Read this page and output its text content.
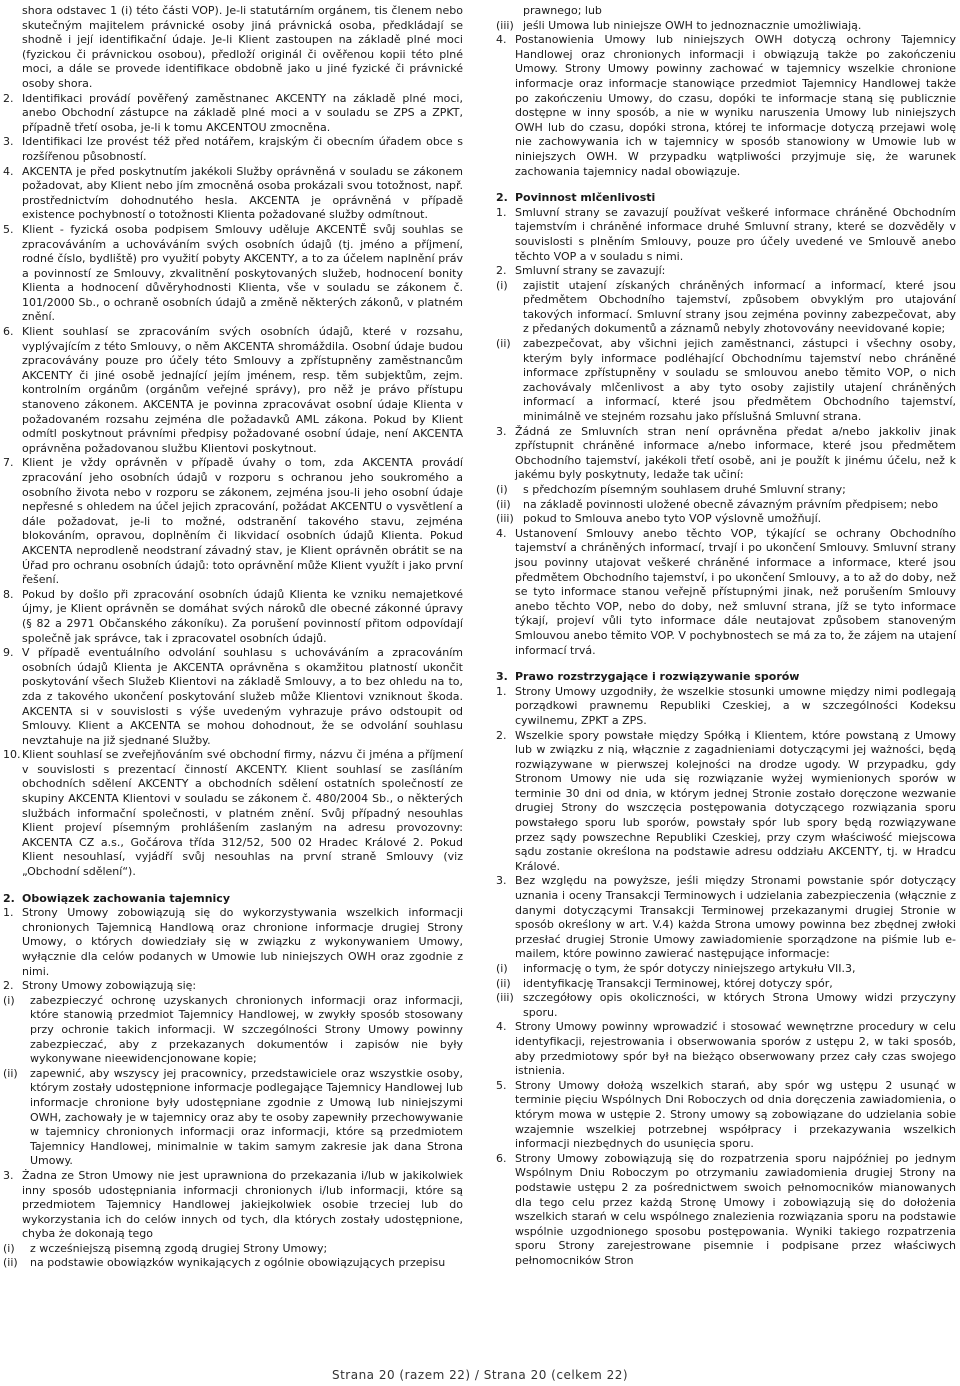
shora odstavec 1 (i) této části VOP). Je-li statutárním orgánem, tis členem nebo skutečným majitelem právnické osoby jiná právnická osoba, předkládají se shodně i její identifikační údaje. Je-li Klient zastoupen na základě plné moci (fyzickou či právnickou osobou), předloží originál či ověřenou kopii této plné moci, a dále se provede identifikace obdobně jako u jiné fyzické či právnické osoby shora.

2. Identifikaci provádí pověřený zaměstnanec AKCENTY na základě plné moci, anebo Obchodní zástupce na základě plné moci a v souladu se ZPS a ZPKT, případně třetí osoba, je-li k tomu AKCENTOU zmocněna.
3. Identifikaci lze provést též před notářem, krajským či obecním úřadem obce s rozšířenou působností.
4. AKCENTA je před poskytnutím jakékoli Služby oprávněná v souladu se zákonem požadovat, aby Klient nebo jím zmocněná osoba prokázali svou totožnost, např. prostřednictvím dohodnutého hesla. AKCENTA je oprávněná v případě existence pochybností o totožnosti Klienta požadované služby odmítnout.
5. Klient - fyzická osoba podpisem Smlouvy uděluje AKCENTĚ svůj souhlas se zpracováváním a uchováváním svých osobních údajů (tj. jméno a příjmení, rodné číslo, bydliště) pro využití pobyty AKCENTY, a to za účelem naplnění práv a povinností ze Smlouvy, zkvalitnění poskytovaných služeb, hodnocení bonity Klienta a hodnocení důvěryhodnosti Klienta, vše v souladu se zákonem č. 101/2000 Sb., o ochraně osobních údajů a změně některých zákonů, v platném znění.
6. Klient souhlasí se zpracováním svých osobních údajů, které v rozsahu, vyplývajícím z této Smlouvy, o něm AKCENTA shromáždila. Osobní údaje budou zpracovávány pouze pro účely této Smlouvy a zpřístupněny zaměstnancům AKCENTY či jiné osobě jednající jejím jménem, resp. těm subjektům, zejm. kontrolním orgánům (orgánům veřejné správy), pro něž je právo přístupu stanoveno zákonem. AKCENTA je povinna zpracovávat osobní údaje Klienta v požadovaném rozsahu zejména dle požadavků AML zákona. Pokud by Klient odmítl poskytnout právními předpisy požadované osobní údaje, není AKCENTA oprávněna požadovanou službu Klientovi poskytnout.
7. Klient je vždy oprávněn v případě úvahy o tom, zda AKCENTA provádí zpracování jeho osobních údajů v rozporu s ochranou jeho soukromého a osobního života nebo v rozporu se zákonem, zejména jsou-li jeho osobní údaje nepřesné s ohledem na účel jejich zpracování, požádat AKCENTU o vysvětlení a dále požadovat, je-li to možné, odstranění takového stavu, zejména blokováním, opravou, doplněním či likvidací osobních údajů Klienta. Pokud AKCENTA neprodleně neodstraní závadný stav, je Klient oprávněn obrátit se na Úřad pro ochranu osobních údajů: toto oprávnění může Klient využít i jako první řešení.
8. Pokud by došlo při zpracování osobních údajů Klienta ke vzniku nemajetkové újmy, je Klient oprávněn se domáhat svých nároků dle obecné zákonné úpravy (§ 82 a 2971 Občanského zákoníku). Za porušení povinností přitom odpovídají společně jak správce, tak i zpracovatel osobních údajů.
9. V případě eventuálního odvolání souhlasu s uchováváním a zpracováním osobních údajů Klienta je AKCENTA oprávněna s okamžitou platností ukončit poskytování všech Služeb Klientovi na základě Smlouvy, a to bez ohledu na to, zda z takového ukončení poskytování služeb může Klientovi vzniknout škoda. AKCENTA si v souvislosti s výše uvedeným vyhrazuje právo odstoupit od Smlouvy. Klient a AKCENTA se mohou dohodnout, že se odvolání souhlasu nevztahuje na již sjednané Služby.
10. Klient souhlasí se zveřejňováním své obchodní firmy, názvu či jména a příjmení v souvislosti s prezentací činností AKCENTY. Klient souhlasí se zasíláním obchodních sdělení AKCENTY a obchodních sdělení ostatních společností ze skupiny AKCENTA Klientovi v souladu se zákonem č. 480/2004 Sb., o některých službách informační společnosti, v platném znění. Svůj případný nesouhlas Klient projeví písemným prohlášením zaslaným na adresu provozovny: AKCENTA CZ a.s., Gočárova třída 312/52, 500 02 Hradec Králové 2. Pokud Klient nesouhlasí, vyjádří svůj nesouhlas na první straně Smlouvy (viz „Obchodní sdělení“).
2. Obowiązek zachowania tajemnicy
1. Strony Umowy zobowiązują się do wykorzystywania wszelkich informacji chronionych Tajemnicą Handlową oraz chronione informacje drugiej Strony Umowy, o których dowiedziały się w związku z wykonywaniem Umowy, wyłącznie dla celów podanych w Umowie lub niniejszych OWH oraz zgodnie z nimi.
2. Strony Umowy zobowiązują się:
(i)	zabezpieczyć ochronę uzyskanych chronionych informacji oraz informacji, które stanowią przedmiot Tajemnicy Handlowej, w zwykły sposób stosowany przy ochronie takich informacji. W szczególności Strony Umowy powinny zabezpieczać, aby z przekazanych dokumentów i zapisów nie były wykonywane nieewidencjonowane kopie;
(ii)	zapewnić, aby wszyscy jej pracownicy, przedstawiciele oraz wszystkie osoby, którym zostały udostępnione informacje podlegające Tajemnicy Handlowej lub informacje chronione były udostępniane zgodnie z Umową lub niniejszymi OWH, zachowały je w tajemnicy oraz aby te osoby zapewniły przechowywanie w tajemnicy chronionych informacji oraz informacji, które są przedmiotem Tajemnicy Handlowej, minimalnie w takim samym zakresie jak dana Strona Umowy.
3. Żadna ze Stron Umowy nie jest uprawniona do przekazania i/lub w jakikolwiek inny sposób udostępniania informacji chronionych i/lub informacji, które są przedmiotem Tajemnicy Handlowej jakiejkolwiek osobie trzeciej lub do wykorzystania ich do celów innych od tych, dla których zostały udostępnione, chyba że dokonają tego
(i)	z wcześniejszą pisemną zgodą drugiej Strony Umowy;
(ii)	na podstawie obowiązków wynikających z ogólnie obowiązujących przepisu
prawnego; lub
(iii) jeśli Umowa lub niniejsze OWH to jednoznacznie umożliwiają.
4. Postanowienia Umowy lub niniejszych OWH dotyczą ochrony Tajemnicy Handlowej oraz chronionych informacji i obwiązują także po zakończeniu Umowy. Strony Umowy powinny zachować w tajemnicy wszelkie chronione informacje oraz informacje stanowiące przedmiot Tajemnicy Handlowej także po zakończeniu Umowy, do czasu, dopóki te informacje staną się publicznie dostępne w inny sposób, a nie w wyniku naruszenia Umowy lub niniejszych OWH lub do czasu, dopóki strona, której te informacje dotyczą przejawi wolę nie zachowywania ich w tajemnicy w sposób stanowiony w Umowie lub w niniejszych OWH. W przypadku wątpliwości przyjmuje się, że warunek zachowania tajemnicy nadal obowiązuje.
2. Povinnost mlčenlivosti
1. Smluvní strany se zavazují používat veškeré informace chráněné Obchodním tajemstvím i chráněné informace druhé Smluvní strany, které se dozvěděly v souvislosti s plněním Smlouvy, pouze pro účely uvedené ve Smlouvě anebo těchto VOP a v souladu s nimi.
2. Smluvní strany se zavazují:
(i)	zajistit utajení získaných chráněných informací a informací, které jsou předmětem Obchodního tajemství, způsobem obvyklým pro utajování takových informací. Smluvní strany jsou zejména povinny zabezpečovat, aby z předaných dokumentů a záznamů nebyly zhotovovány neevidované kopie;
(ii)	zabezpečovat, aby všichni jejich zaměstnanci, zástupci i všechny osoby, kterým byly informace podléhající Obchodnímu tajemství nebo chráněné informace zpřístupněny v souladu se smlouvou anebo těmito VOP, o nich zachovávaly mlčenlivost a aby tyto osoby zajistily utajení chráněných informací a informací, které jsou předmětem Obchodního tajemství, minimálně ve stejném rozsahu jako příslušná Smluvní strana.
3. Žádná ze Smluvních stran není oprávněna předat a/nebo jakkoliv jinak zpřístupnit chráněné informace a/nebo informace, které jsou předmětem Obchodního tajemství, jakékoli třetí osobě, ani je použít k jinému účelu, než k jakému byly poskytnuty, ledaže tak učiní:
(i)	s předchozím písemným souhlasem druhé Smluvní strany;
(ii)	na základě povinnosti uložené obecně závazným právním předpisem; nebo
(iii) pokud to Smlouva anebo tyto VOP výslovně umožňují.
4. Ustanovení Smlouvy anebo těchto VOP, týkající se ochrany Obchodního tajemství a chráněných informací, trvají i po ukončení Smlouvy. Smluvní strany jsou povinny utajovat veškeré chráněné informace a informace, které jsou předmětem Obchodního tajemství, i po ukončení Smlouvy, a to až do doby, než se tyto informace stanou veřejně přístupnými jinak, než porušením Smlouvy anebo těchto VOP, nebo do doby, než smluvní strana, jíž se tyto informace týkají, projeví vůli tyto informace dále neutajovat způsobem stanoveným Smlouvou anebo těmito VOP. V pochybnostech se má za to, že zájem na utajení informací trvá.
3. Prawo rozstrzygające i rozwiązywanie sporów
1. Strony Umowy uzgodniły, że wszelkie stosunki umowne między nimi podlegają porządkowi prawnemu Republiki Czeskiej, a w szczególności Kodeksu cywilnemu, ZPKT a ZPS.
2. Wszelkie spory powstałe między Spółką i Klientem, które powstaną z Umowy lub w związku z nią, włącznie z zagadnieniami dotyczącymi jej ważności, będą rozwiązywane w pierwszej kolejności na drodze ugody. W przypadku, gdy Stronom Umowy nie uda się rozwiązanie wyżej wymienionych sporów w terminie 30 dni od dnia, w którym jednej Stronie zostało doręczone wezwanie drugiej Strony do wszczęcia postępowania dotyczącego rozwiązania sporu powstałego sporu lub sporów, powstały spór lub spory będą rozwiązywane przez sądy powszechne Republiki Czeskiej, przy czym właściwość miejscowa sądu zostanie określona na podstawie adresu oddziału AKCENTY, tj. w Hradcu Králové.
3. Bez względu na powyższe, jeśli między Stronami powstanie spór dotyczący uznania i oceny Transakcji Terminowych i udzielania zabezpieczenia (włącznie z danymi dotyczącymi Transakcji Terminowej przekazanymi drugiej Stronie w sposób określony w art. V.4) każda Strona umowy powinna bez zbędnej zwłoki przesłać drugiej Stronie Umowy zawiadomienie sporządzone na piśmie lub e-mailem, które powinno zawierać następujące informacje:
(i)	informację o tym, że spór dotyczy niniejszego artykułu VII.3,
(ii)	identyfikację Transakcji Terminowej, której dotyczy spór,
(iii) szczegółowy opis okoliczności, w których Strona Umowy widzi przyczyny sporu.
4. Strony Umowy powinny wprowadzić i stosować wewnętrzne procedury w celu identyfikacji, rejestrowania i obserwowania sporów z ustępu 2, w taki sposób, aby przedmiotowy spór był na bieżąco obserwowany przez cały czas swojego istnienia.
5. Strony Umowy dołożą wszelkich starań, aby spór wg ustępu 2 usunąć w terminie pięciu Wspólnych Dni Roboczych od dnia doręczenia zawiadomienia, o którym mowa w ustępie 2. Strony umowy są zobowiązane do udzielania sobie wzajemnie wszelkiej potrzebnej współpracy i przekazywania wszelkich informacji niezbędnych do usunięcia sporu.
6. Strony Umowy zobowiązują się do rozpatrzenia sporu najpóźniej po jednym Wspólnym Dniu Roboczym po otrzymaniu zawiadomienia drugiej Strony na podstawie ustępu 2 za pośrednictwem swoich pełnomocników mianowanych dla tego celu przez każdą Stronę Umowy i zobowiązują się do dołożenia wszelkich starań w celu wspólnego znalezienia rozwiązania sporu na podstawie wspólnie uzgodnionego sposobu postępowania. Wyniki takiego rozpatrzenia sporu Strony zarejestrowane pisemnie i podpisane przez właściwych pełnomocników Stron
Strana 20 (razem 22) / Strana 20 (celkem 22)
